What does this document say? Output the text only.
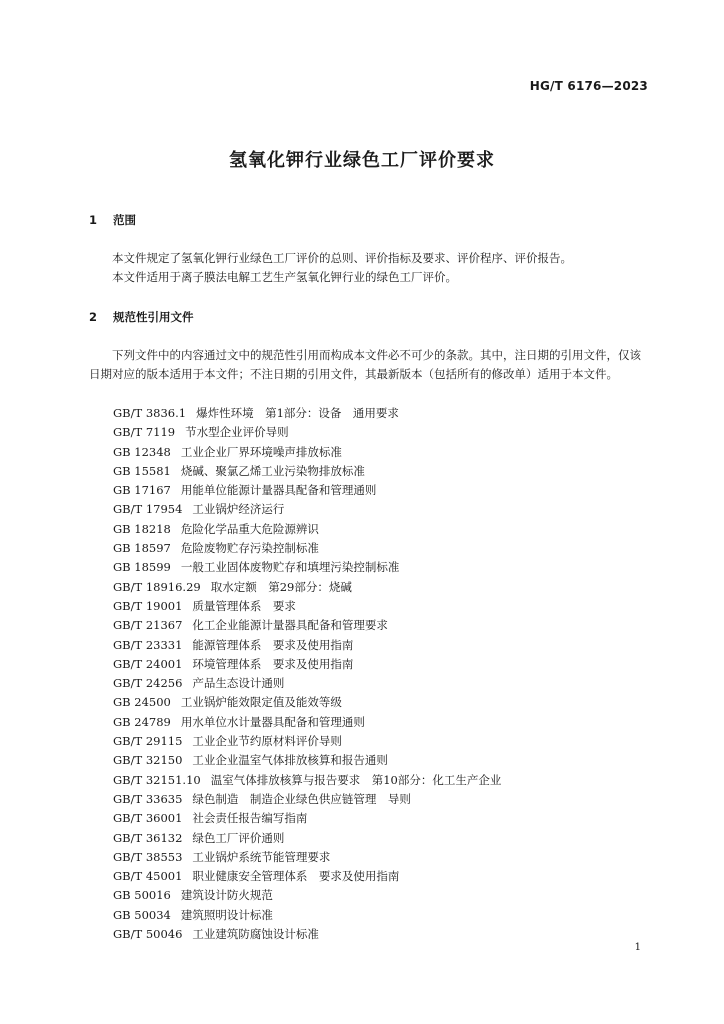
HG/T 6176—2023
氢氧化钾行业绿色工厂评价要求
1 范围

本文件规定了氢氧化钾行业绿色工厂评价的总则、评价指标及要求、评价程序、评价报告。

本文件适用于离子膜法电解工艺生产氢氧化钾行业的绿色工厂评价。

2 规范性引用文件

下列文件中的内容通过文中的规范性引用而构成本文件必不可少的条款。其中，注日期的引用文件，仅该日期对应的版本适用于本文件；不注日期的引用文件，其最新版本（包括所有的修改单）适用于本文件。

GB/T 3836.1 爆炸性环境　第1部分：设备　通用要求
GB/T 7119 节水型企业评价导则
GB 12348 工业企业厂界环境噪声排放标准
GB 15581 烧碱、聚氯乙烯工业污染物排放标准
GB 17167 用能单位能源计量器具配备和管理通则
GB/T 17954 工业锅炉经济运行
GB 18218 危险化学品重大危险源辨识
GB 18597 危险废物贮存污染控制标准
GB 18599 一般工业固体废物贮存和填埋污染控制标准
GB/T 18916.29 取水定额　第29部分：烧碱
GB/T 19001 质量管理体系　要求
GB/T 21367 化工企业能源计量器具配备和管理要求
GB/T 23331 能源管理体系　要求及使用指南
GB/T 24001 环境管理体系　要求及使用指南
GB/T 24256 产品生态设计通则
GB 24500 工业锅炉能效限定值及能效等级
GB 24789 用水单位水计量器具配备和管理通则
GB/T 29115 工业企业节约原材料评价导则
GB/T 32150 工业企业温室气体排放核算和报告通则
GB/T 32151.10 温室气体排放核算与报告要求　第10部分：化工生产企业
GB/T 33635 绿色制造　制造企业绿色供应链管理　导则
GB/T 36001 社会责任报告编写指南
GB/T 36132 绿色工厂评价通则
GB/T 38553 工业锅炉系统节能管理要求
GB/T 45001 职业健康安全管理体系　要求及使用指南
GB 50016 建筑设计防火规范
GB 50034 建筑照明设计标准
GB/T 50046 工业建筑防腐蚀设计标准
1
